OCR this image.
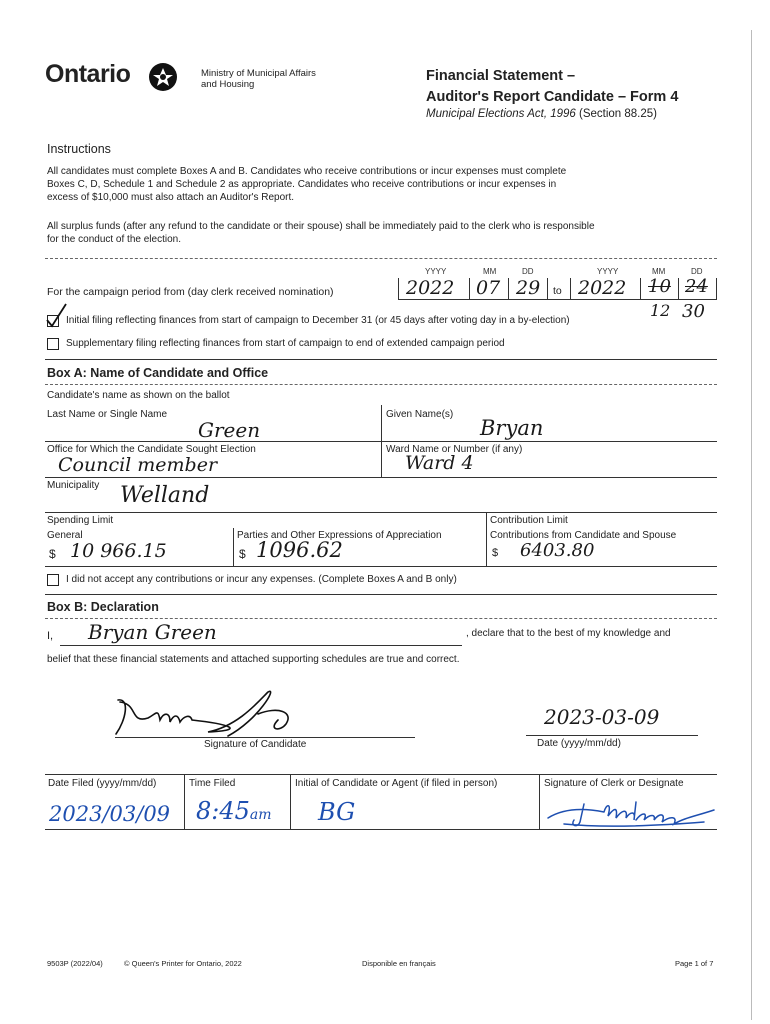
Ontario	Ministry of Municipal Affairs
and Housing
Financial Statement –
Auditor's Report Candidate – Form 4
Municipal Elections Act, 1996 (Section 88.25)
Instructions
All candidates must complete Boxes A and B. Candidates who receive contributions or incur expenses must complete
Boxes C, D, Schedule 1 and Schedule 2 as appropriate. Candidates who receive contributions or incur expenses in
excess of $10,000 must also attach an Auditor's Report.
All surplus funds (after any refund to the candidate or their spouse) shall be immediately paid to the clerk who is responsible
for the conduct of the election.
YYYY	MM	DD	YYYY	MM	DD
For the campaign period from (day clerk received nomination)	2022 07 29 to 2022 10 24
12 30
Initial filing reflecting finances from start of campaign to December 31 (or 45 days after voting day in a by-election)
Supplementary filing reflecting finances from start of campaign to end of extended campaign period
Box A: Name of Candidate and Office
Candidate's name as shown on the ballot
Last Name or Single Name
Green
Given Name(s)
Bryan
Office for Which the Candidate Sought Election
Council member
Ward Name or Number (if any)
Ward 4
Municipality Welland
Spending Limit
General
$ 10 966.15
Parties and Other Expressions of Appreciation
$ 1096.62
Contribution Limit
Contributions from Candidate and Spouse
$ 6403.80
I did not accept any contributions or incur any expenses. (Complete Boxes A and B only)
Box B: Declaration
I, Bryan Green	, declare that to the best of my knowledge and
belief that these financial statements and attached supporting schedules are true and correct.
Signature of Candidate
2023-03-09
Date (yyyy/mm/dd)
Date Filed (yyyy/mm/dd)
2023/03/09
Time Filed
8:45am
Initial of Candidate or Agent (if filed in person)
BG
Signature of Clerk or Designate
9503P (2022/04)	© Queen's Printer for Ontario, 2022	Disponible en français	Page 1 of 7
